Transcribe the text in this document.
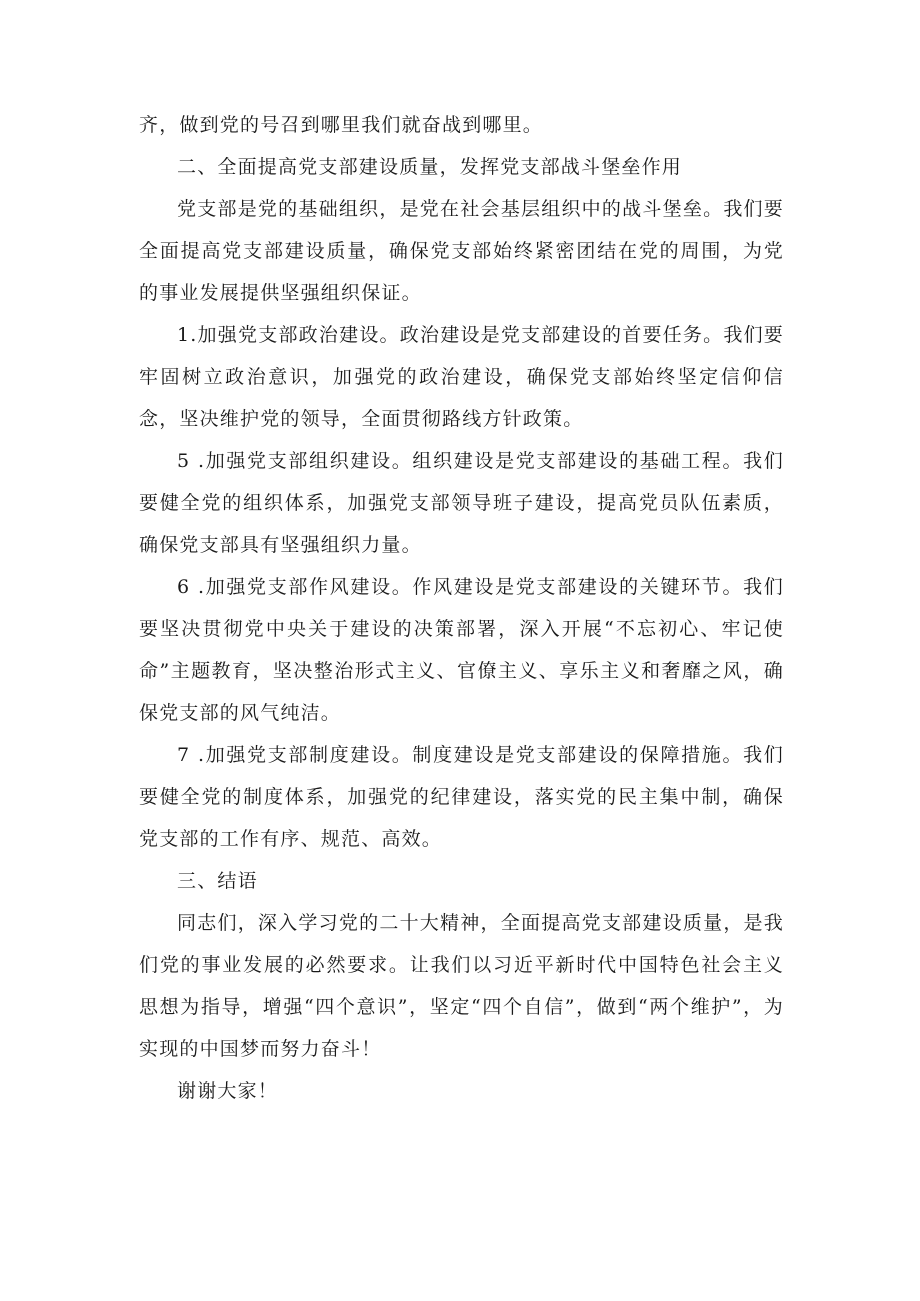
齐，做到党的号召到哪里我们就奋战到哪里。

二、全面提高党支部建设质量，发挥党支部战斗堡垒作用

党支部是党的基础组织，是党在社会基层组织中的战斗堡垒。我们要全面提高党支部建设质量，确保党支部始终紧密团结在党的周围，为党的事业发展提供坚强组织保证。

1.加强党支部政治建设。政治建设是党支部建设的首要任务。我们要牢固树立政治意识，加强党的政治建设，确保党支部始终坚定信仰信念，坚决维护党的领导，全面贯彻路线方针政策。

5 .加强党支部组织建设。组织建设是党支部建设的基础工程。我们要健全党的组织体系，加强党支部领导班子建设，提高党员队伍素质，确保党支部具有坚强组织力量。

6 .加强党支部作风建设。作风建设是党支部建设的关键环节。我们要坚决贯彻党中央关于建设的决策部署，深入开展“不忘初心、牢记使命”主题教育，坚决整治形式主义、官僚主义、享乐主义和奢靡之风，确保党支部的风气纯洁。

7 .加强党支部制度建设。制度建设是党支部建设的保障措施。我们要健全党的制度体系，加强党的纪律建设，落实党的民主集中制，确保党支部的工作有序、规范、高效。

三、结语

同志们，深入学习党的二十大精神，全面提高党支部建设质量，是我们党的事业发展的必然要求。让我们以习近平新时代中国特色社会主义思想为指导，增强“四个意识”，坚定“四个自信”，做到“两个维护”，为实现的中国梦而努力奋斗！

谢谢大家！
